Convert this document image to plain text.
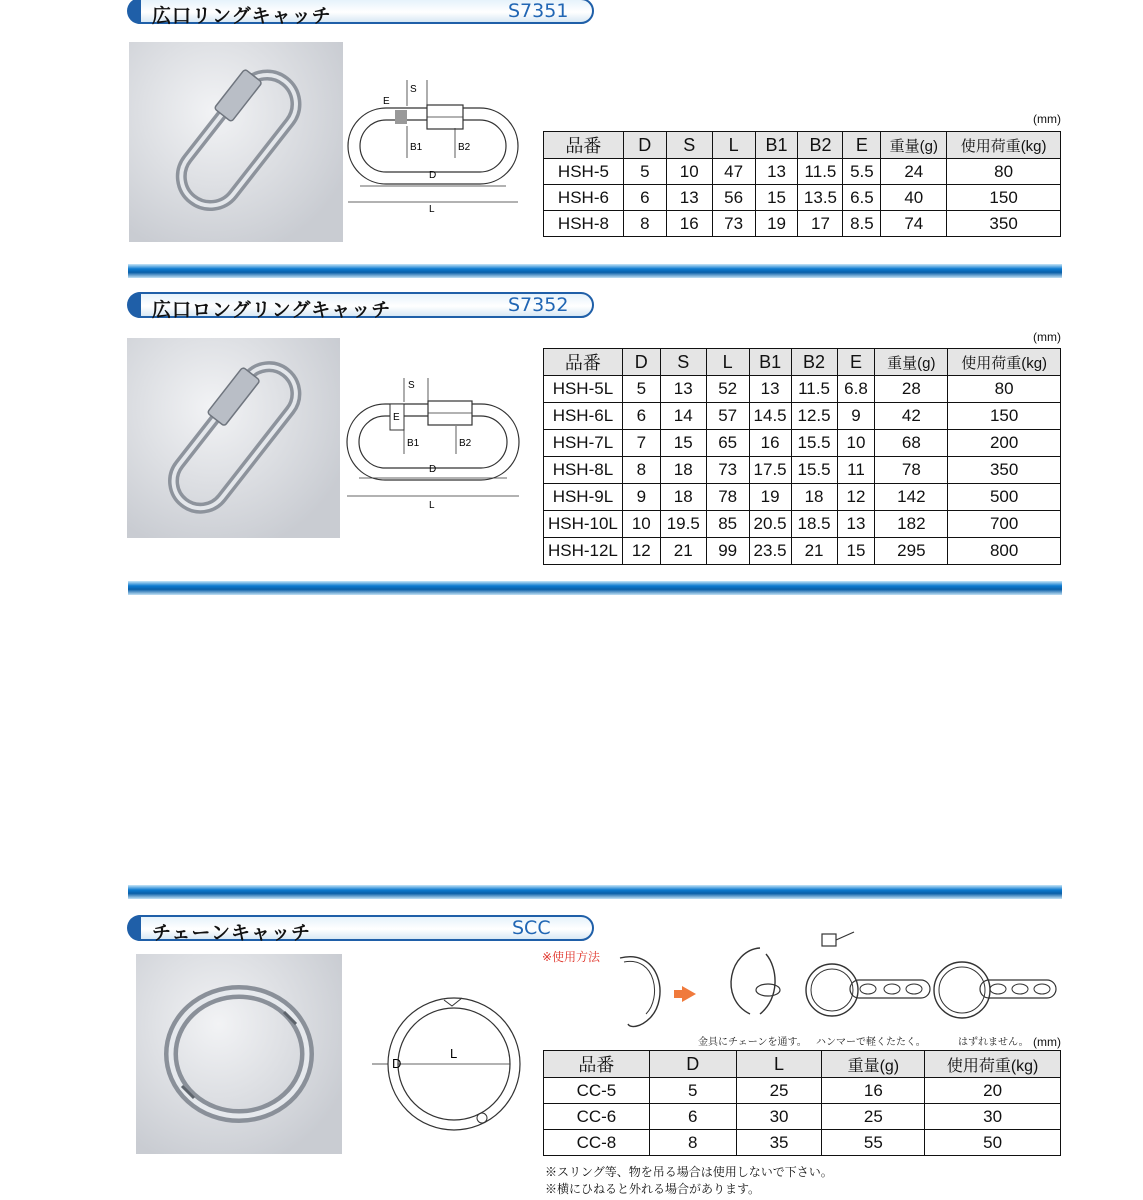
広口リングキャッチ	S7351
S
E
B1	B2
D
L
(mm)
品番	D	S	L	B1	B2	E	重量(g)	使用荷重(kg)
HSH-5	5	10	47	13	11.5	5.5	24	80
HSH-6	6	13	56	15	13.5	6.5	40	150
HSH-8	8	16	73	19	17	8.5	74	350
広口ロングリングキャッチ	S7352
S
E
B1	B2
D
L
(mm)
品番	D	S	L	B1	B2	E	重量(g)	使用荷重(kg)
HSH-5L	5	13	52	13	11.5	6.8	28	80
HSH-6L	6	14	57	14.5	12.5	9	42	150
HSH-7L	7	15	65	16	15.5	10	68	200
HSH-8L	8	18	73	17.5	15.5	11	78	350
HSH-9L	9	18	78	19	18	12	142	500
HSH-10L	10	19.5	85	20.5	18.5	13	182	700
HSH-12L	12	21	99	23.5	21	15	295	800
チェーンキャッチ	SCC
D
L
※使用方法
金具にチェーンを通す。 ハンマーで軽くたたく。	はずれません。 (mm)
品番	D	L	重量(g)	使用荷重(kg)
CC-5	5	25	16	20
CC-6	6	30	25	30
CC-8	8	35	55	50
※スリング等、物を吊る場合は使用しないで下さい。
※横にひねると外れる場合があります。
